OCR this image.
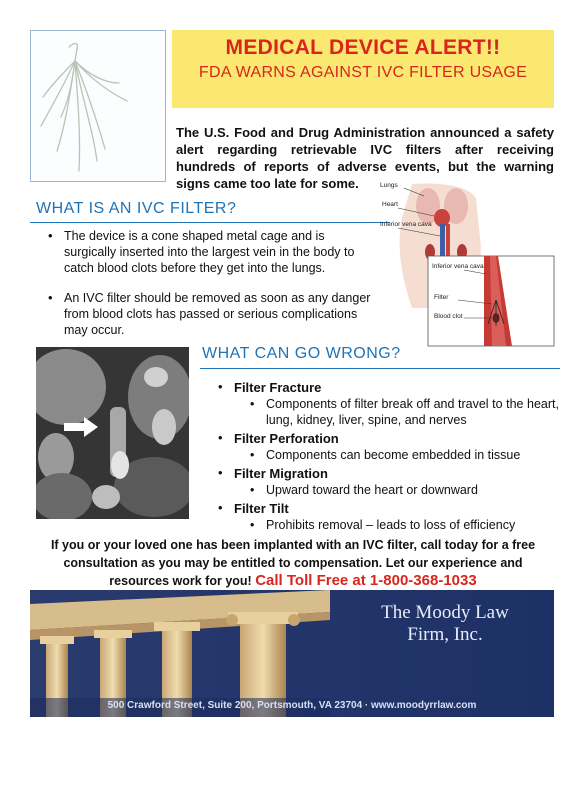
MEDICAL DEVICE ALERT!!
FDA WARNS AGAINST IVC FILTER USAGE
The U.S. Food and Drug Administration announced a safety alert regarding retrievable IVC filters after receiving hundreds of reports of adverse events, but the warning signs came too late for some.
WHAT IS AN IVC FILTER?
• The device is a cone shaped metal cage and is surgically inserted into the largest vein in the body to catch blood clots before they get into the lungs.
• An IVC filter should be removed as soon as any danger from blood clots has passed or serious complications may occur.
Lungs
Heart
Inferior vena cava
Inferior vena cava
Filter
Blood clot
WHAT CAN GO WRONG?
• Filter Fracture
• Components of filter break off and travel to the heart, lung, kidney, liver, spine, and nerves
• Filter Perforation
• Components can become embedded in tissue
• Filter Migration
• Upward toward the heart or downward
• Filter Tilt
• Prohibits removal – leads to loss of efficiency
If you or your loved one has been implanted with an IVC filter, call today for a free consultation as you may be entitled to compensation. Let our experience and resources work for you! Call Toll Free at 1-800-368-1033
The Moody Law Firm, Inc.
500 Crawford Street, Suite 200, Portsmouth, VA 23704 · www.moodyrrlaw.com
